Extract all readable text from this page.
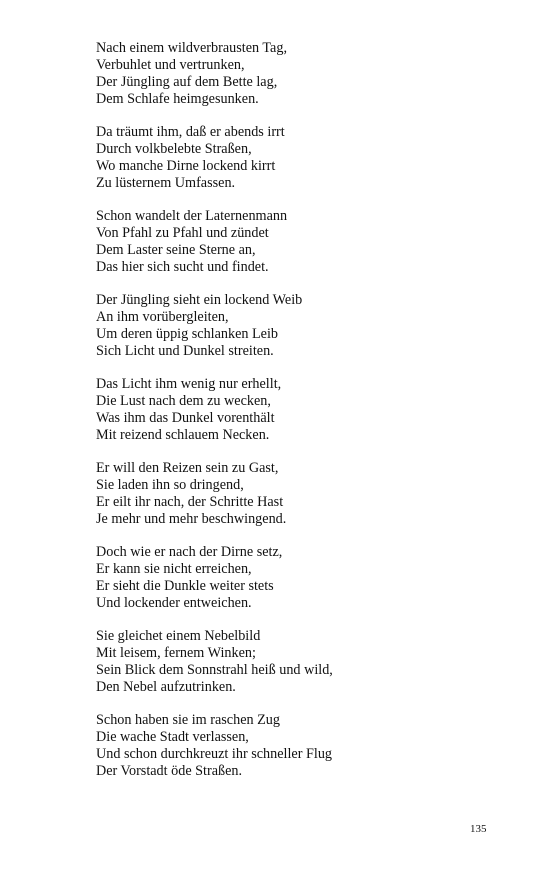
Nach einem wildverbrausten Tag,
Verbuhlet und vertrunken,
Der Jüngling auf dem Bette lag,
Dem Schlafe heimgesunken.
Da träumt ihm, daß er abends irrt
Durch volkbelebte Straßen,
Wo manche Dirne lockend kirrt
Zu lüsternem Umfassen.
Schon wandelt der Laternenmann
Von Pfahl zu Pfahl und zündet
Dem Laster seine Sterne an,
Das hier sich sucht und findet.
Der Jüngling sieht ein lockend Weib
An ihm vorübergleiten,
Um deren üppig schlanken Leib
Sich Licht und Dunkel streiten.
Das Licht ihm wenig nur erhellt,
Die Lust nach dem zu wecken,
Was ihm das Dunkel vorenthält
Mit reizend schlauem Necken.
Er will den Reizen sein zu Gast,
Sie laden ihn so dringend,
Er eilt ihr nach, der Schritte Hast
Je mehr und mehr beschwingend.
Doch wie er nach der Dirne setz,
Er kann sie nicht erreichen,
Er sieht die Dunkle weiter stets
Und lockender entweichen.
Sie gleichet einem Nebelbild
Mit leisem, fernem Winken;
Sein Blick dem Sonnstrahl heiß und wild,
Den Nebel aufzutrinken.
Schon haben sie im raschen Zug
Die wache Stadt verlassen,
Und schon durchkreuzt ihr schneller Flug
Der Vorstadt öde Straßen.
135
